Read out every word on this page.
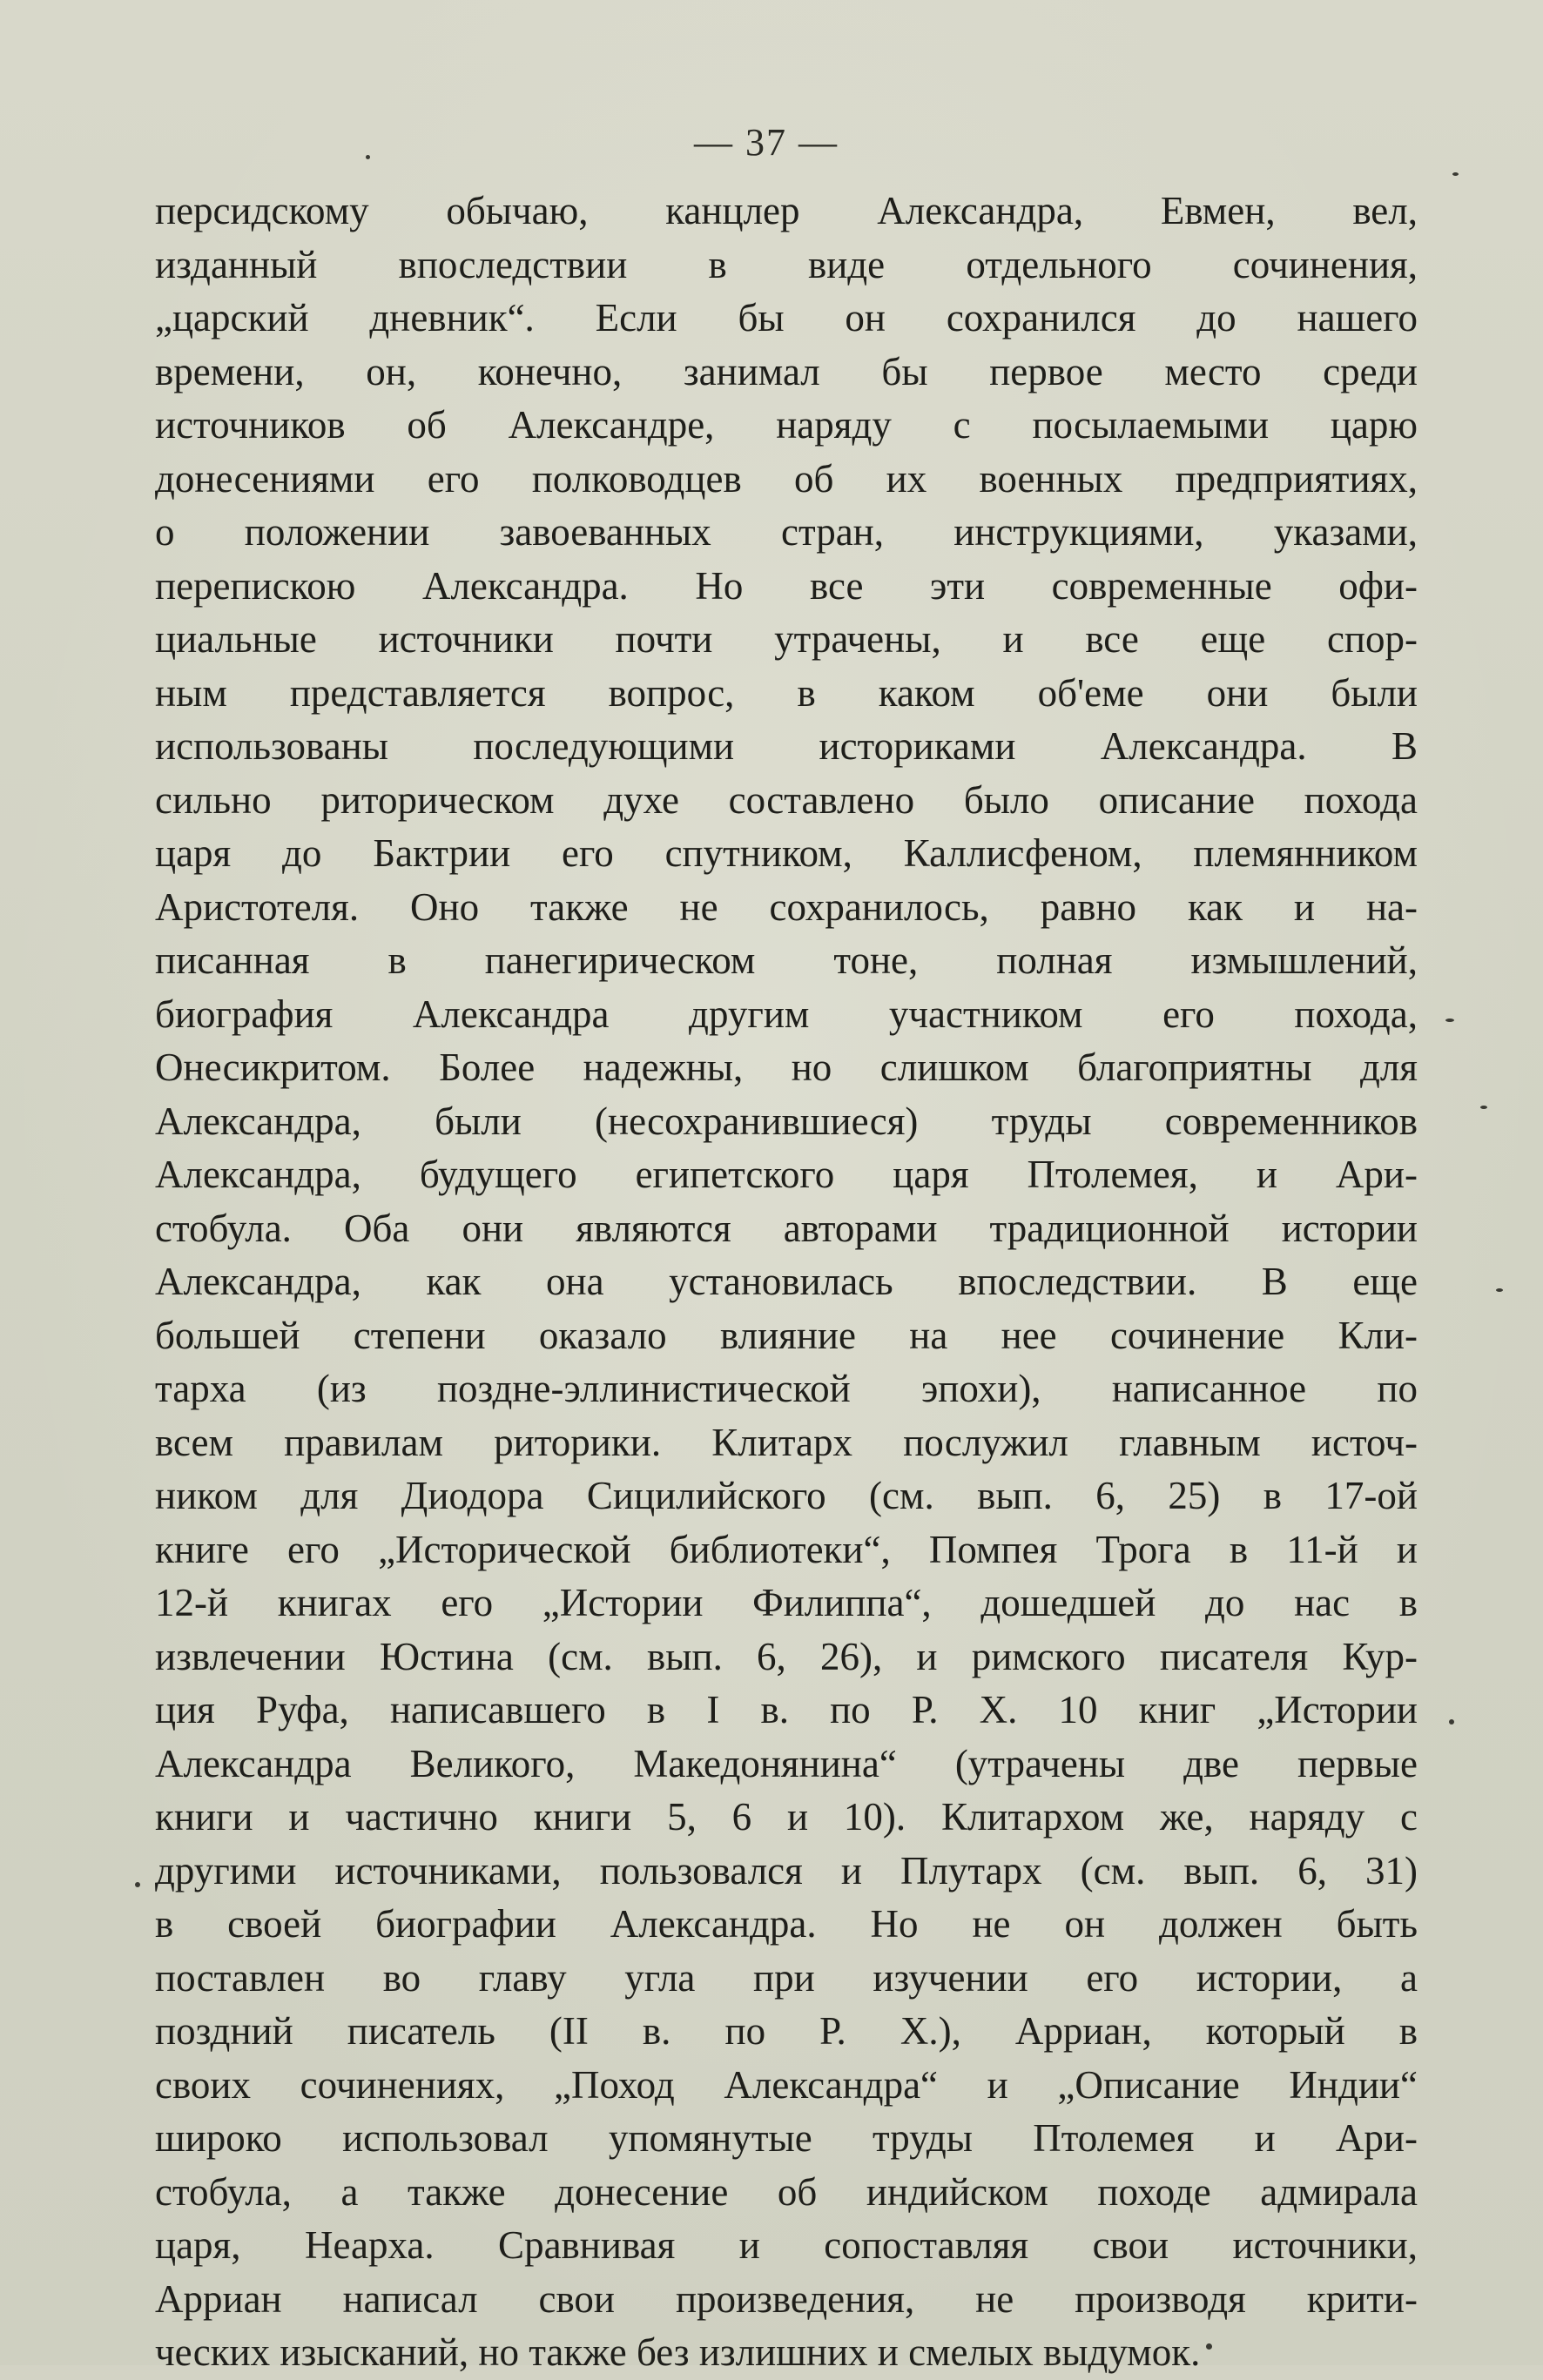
— 37 —
персидскому обычаю, канцлер Александра, Евмен, вел,
изданный впоследствии в виде отдельного сочинения,
„царский дневник“. Если бы он сохранился до нашего
времени, он, конечно, занимал бы первое место среди
источников об Александре, наряду с посылаемыми царю
донесениями его полководцев об их военных предприятиях,
о положении завоеванных стран, инструкциями, указами,
перепискою Александра. Но все эти современные офи-
циальные источники почти утрачены, и все еще спор-
ным представляется вопрос, в каком об'еме они были
использованы последующими историками Александра. В
сильно риторическом духе составлено было описание похода
царя до Бактрии его спутником, Каллисфеном, племянником
Аристотеля. Оно также не сохранилось, равно как и на-
писанная в панегирическом тоне, полная измышлений,
биография Александра другим участником его похода,
Онесикритом. Более надежны, но слишком благоприятны для
Александра, были (несохранившиеся) труды современников
Александра, будущего египетского царя Птолемея, и Ари-
стобула. Оба они являются авторами традиционной истории
Александра, как она установилась впоследствии. В еще
большей степени оказало влияние на нее сочинение Кли-
тарха (из поздне-эллинистической эпохи), написанное по
всем правилам риторики. Клитарх послужил главным источ-
ником для Диодора Сицилийского (см. вып. 6, 25) в 17-ой
книге его „Исторической библиотеки“, Помпея Трога в 11-й и
12-й книгах его „Истории Филиппа“, дошедшей до нас в
извлечении Юстина (см. вып. 6, 26), и римского писателя Кур-
ция Руфа, написавшего в I в. по Р. Х. 10 книг „Истории
Александра Великого, Македонянина“ (утрачены две первые
книги и частично книги 5, 6 и 10). Клитархом же, наряду с
другими источниками, пользовался и Плутарх (см. вып. 6, 31)
в своей биографии Александра. Но не он должен быть
поставлен во главу угла при изучении его истории, а
поздний писатель (II в. по Р. Х.), Арриан, который в
своих сочинениях, „Поход Александра“ и „Описание Индии“
широко использовал упомянутые труды Птолемея и Ари-
стобула, а также донесение об индийском походе адмирала
царя, Неарха. Сравнивая и сопоставляя свои источники,
Арриан написал свои произведения, не производя крити-
ческих изысканий, но также без излишних и смелых выдумок.
